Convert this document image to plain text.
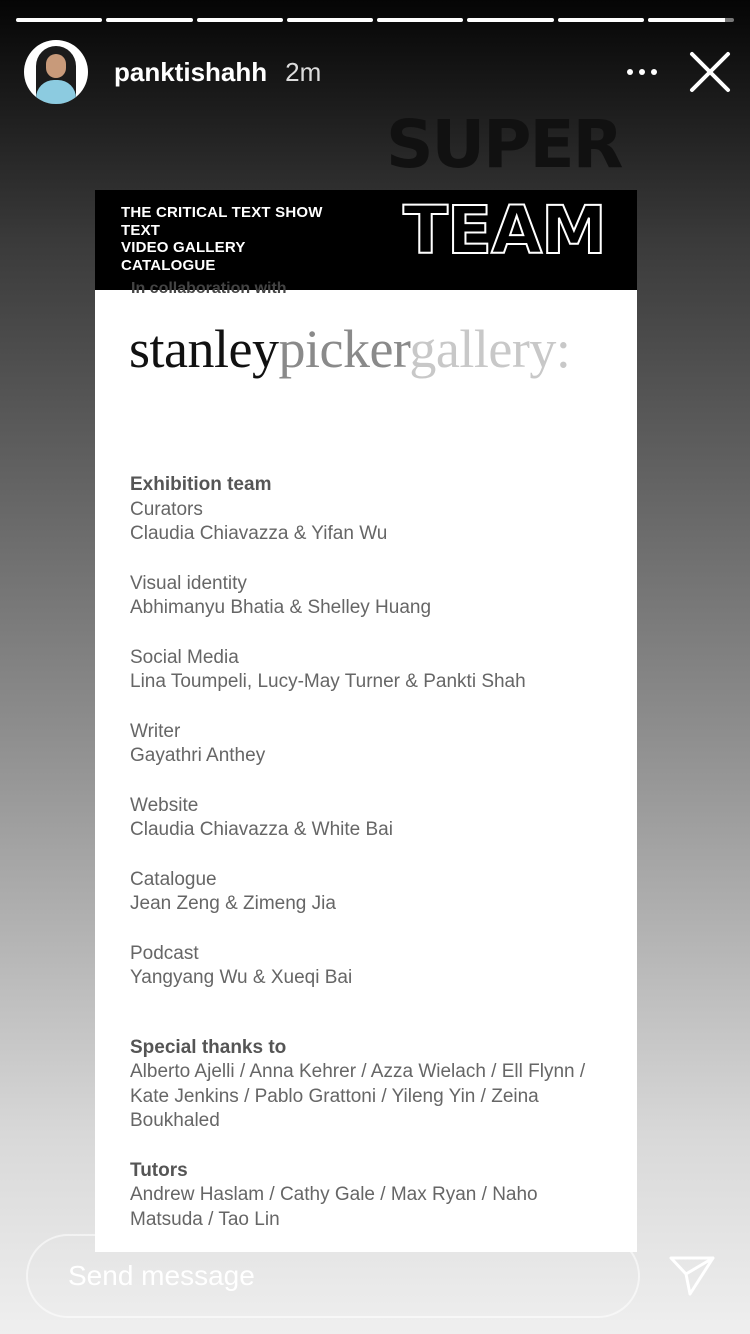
panktishahh 2m
SUPER
TEAM
THE CRITICAL TEXT SHOW
TEXT
VIDEO GALLERY
CATALOGUE
In collaboration with
stanleypickergallery:
Exhibition team
Curators
Claudia Chiavazza & Yifan Wu
Visual identity
Abhimanyu Bhatia & Shelley Huang
Social Media
Lina Toumpeli, Lucy-May Turner & Pankti Shah
Writer
Gayathri Anthey
Website
Claudia Chiavazza & White Bai
Catalogue
Jean Zeng & Zimeng Jia
Podcast
Yangyang Wu & Xueqi Bai
Special thanks to
Alberto Ajelli / Anna Kehrer / Azza Wielach / Ell Flynn / Kate Jenkins / Pablo Grattoni / Yileng Yin / Zeina Boukhaled
Tutors
Andrew Haslam / Cathy Gale / Max Ryan / Naho Matsuda / Tao Lin
Send message
